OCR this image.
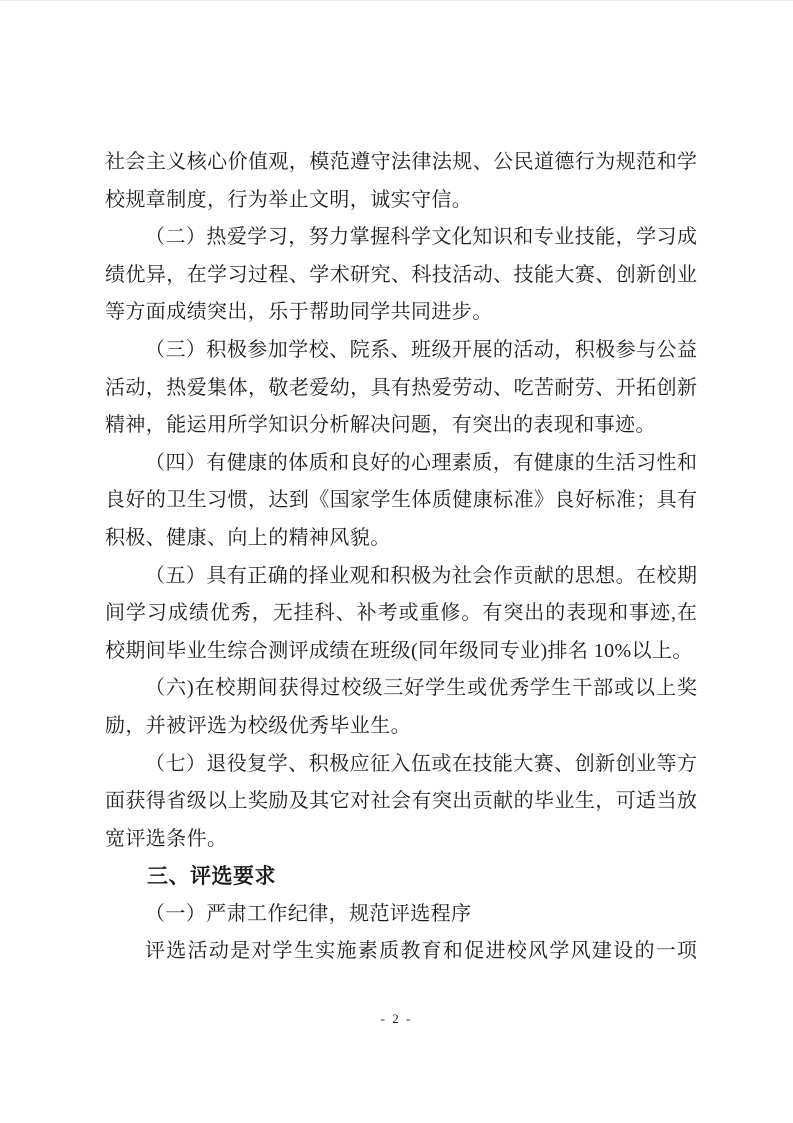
社会主义核心价值观，模范遵守法律法规、公民道德行为规范和学
校规章制度，行为举止文明，诚实守信。
（二）热爱学习，努力掌握科学文化知识和专业技能，学习成
绩优异，在学习过程、学术研究、科技活动、技能大赛、创新创业
等方面成绩突出，乐于帮助同学共同进步。
（三）积极参加学校、院系、班级开展的活动，积极参与公益
活动，热爱集体，敬老爱幼，具有热爱劳动、吃苦耐劳、开拓创新
精神，能运用所学知识分析解决问题，有突出的表现和事迹。
（四）有健康的体质和良好的心理素质，有健康的生活习性和
良好的卫生习惯，达到《国家学生体质健康标准》良好标准；具有
积极、健康、向上的精神风貌。
（五）具有正确的择业观和积极为社会作贡献的思想。在校期
间学习成绩优秀，无挂科、补考或重修。有突出的表现和事迹,在
校期间毕业生综合测评成绩在班级(同年级同专业)排名 10%以上。
（六)在校期间获得过校级三好学生或优秀学生干部或以上奖
励，并被评选为校级优秀毕业生。
（七）退役复学、积极应征入伍或在技能大赛、创新创业等方
面获得省级以上奖励及其它对社会有突出贡献的毕业生，可适当放
宽评选条件。
三、评选要求
（一）严肃工作纪律，规范评选程序
评选活动是对学生实施素质教育和促进校风学风建设的一项
- 2 -
